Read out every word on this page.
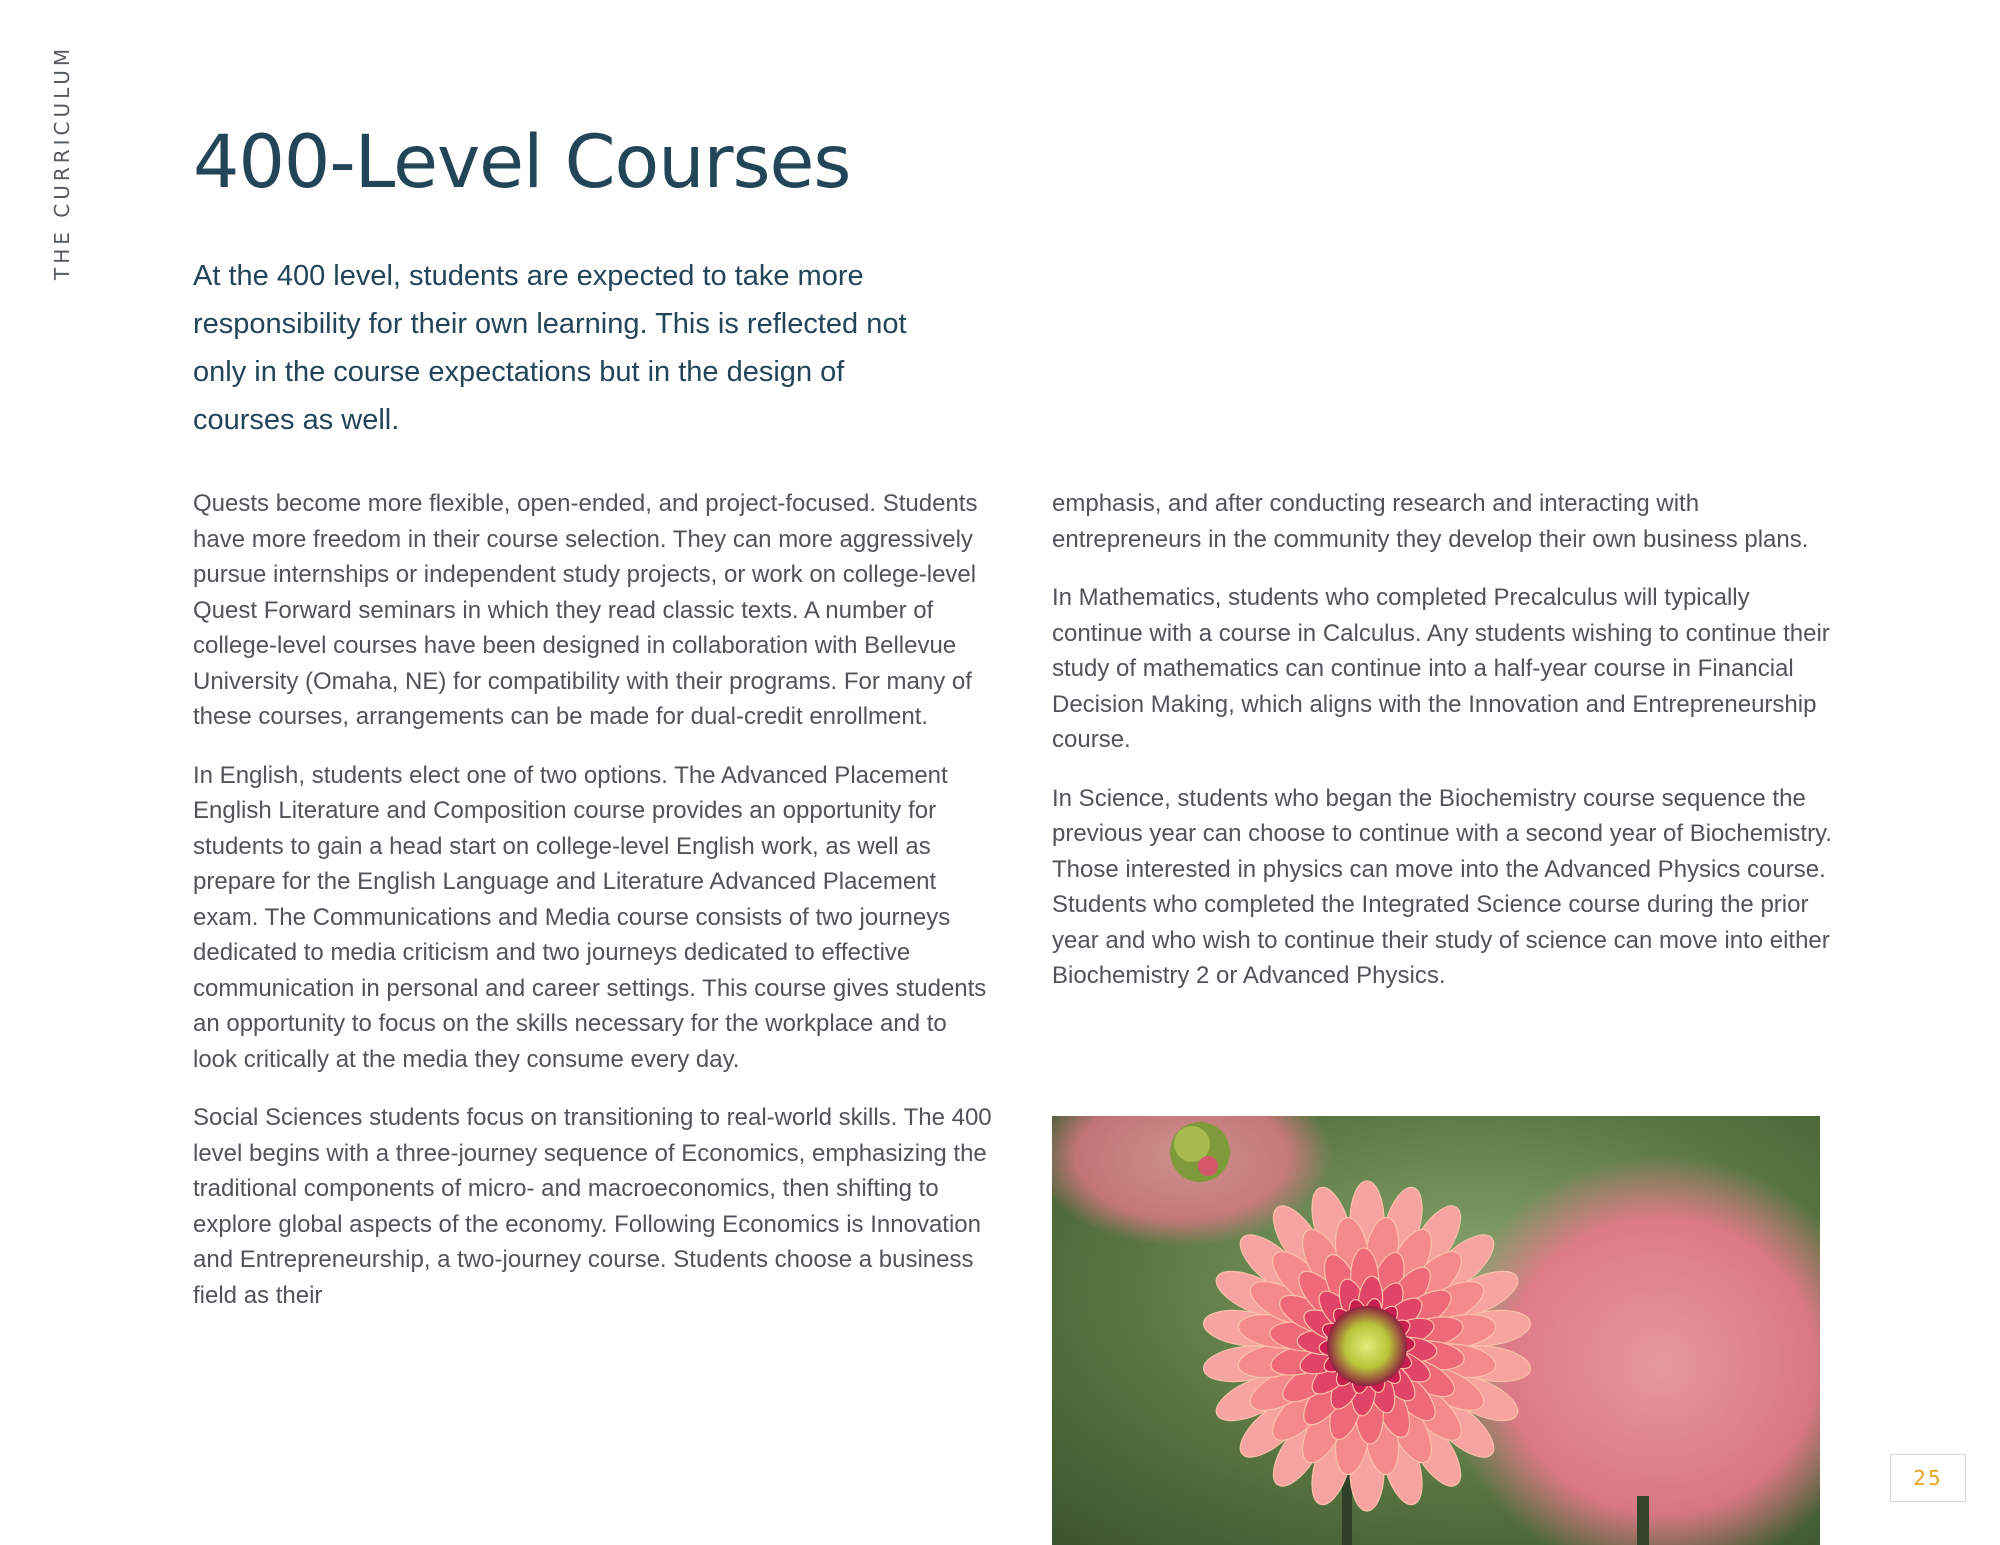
THE CURRICULUM 400-Level Courses

At the 400 level, students are expected to take more responsibility for their own learning. This is reflected not only in the course expectations but in the design of courses as well.

Quests become more flexible, open-ended, and project-focused. Students have more freedom in their course selection. They can more aggressively pursue internships or independent study projects, or work on college-level Quest Forward seminars in which they read classic texts. A number of college-level courses have been designed in collaboration with Bellevue University (Omaha, NE) for compatibility with their programs. For many of these courses, arrangements can be made for dual-credit enrollment.

In English, students elect one of two options. The Advanced Placement English Literature and Composition course provides an opportunity for students to gain a head start on college-level English work, as well as prepare for the English Language and Literature Advanced Placement exam. The Communications and Media course consists of two journeys dedicated to media criticism and two journeys dedicated to effective communication in personal and career settings. This course gives students an opportunity to focus on the skills necessary for the workplace and to look critically at the media they consume every day.

Social Sciences students focus on transitioning to real-world skills. The 400 level begins with a three-journey sequence of Economics, emphasizing the traditional components of micro- and macroeconomics, then shifting to explore global aspects of the economy. Following Economics is Innovation and Entrepreneurship, a two-journey course. Students choose a business field as their

emphasis, and after conducting research and interacting with entrepreneurs in the community they develop their own business plans.

In Mathematics, students who completed Precalculus will typically continue with a course in Calculus. Any students wishing to continue their study of mathematics can continue into a half-year course in Financial Decision Making, which aligns with the Innovation and Entrepreneurship course.

In Science, students who began the Biochemistry course sequence the previous year can choose to continue with a second year of Biochemistry. Those interested in physics can move into the Advanced Physics course. Students who completed the Integrated Science course during the prior year and who wish to continue their study of science can move into either Biochemistry 2 or Advanced Physics.

25
